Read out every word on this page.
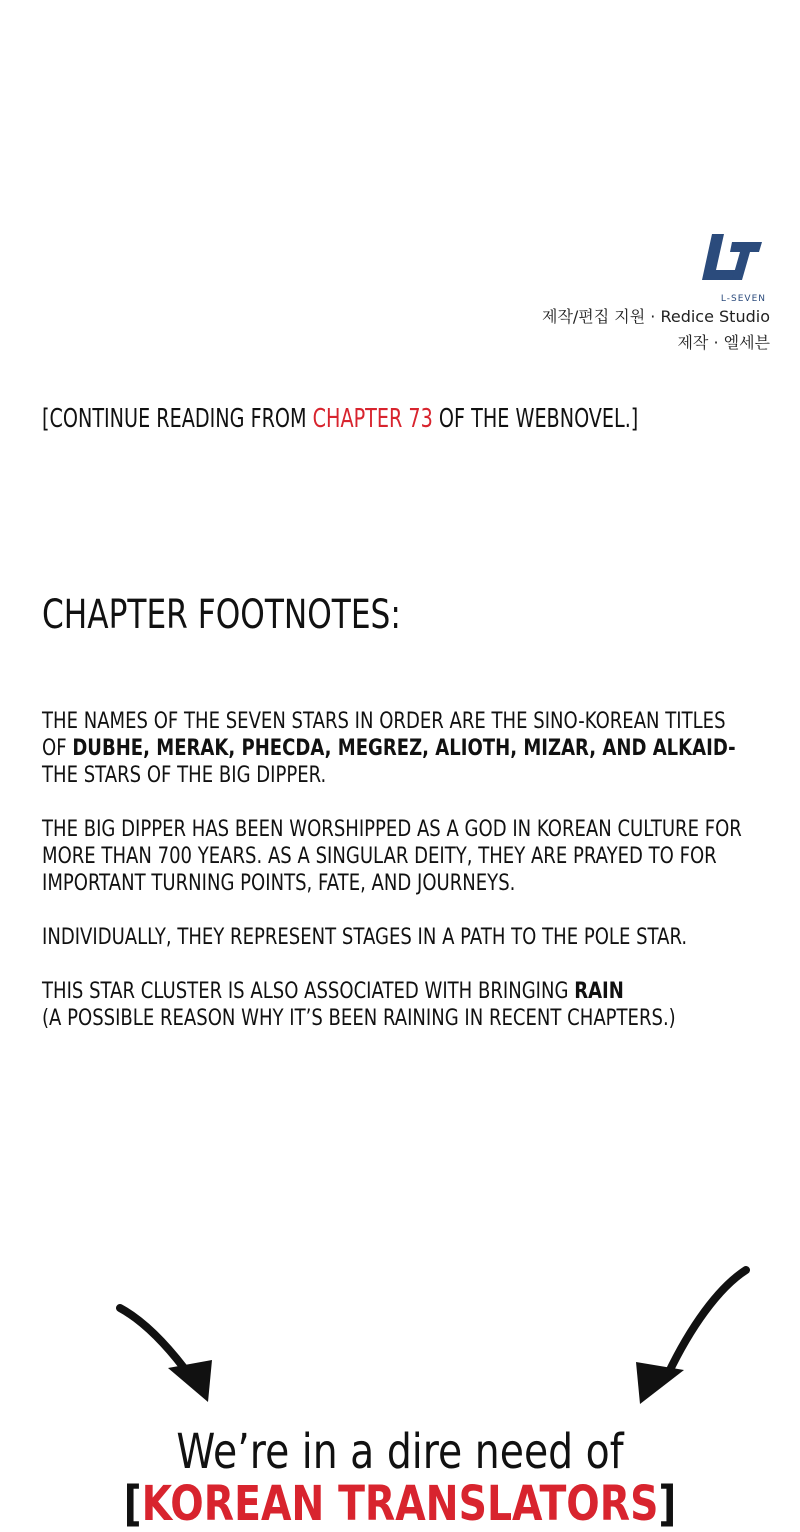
L-SEVEN
제작/편집 지원 · Redice Studio
제작 · 엘세븐
[CONTINUE READING FROM CHAPTER 73 OF THE WEBNOVEL.]
CHAPTER FOOTNOTES:

THE NAMES OF THE SEVEN STARS IN ORDER ARE THE SINO-KOREAN TITLES OF DUBHE, MERAK, PHECDA, MEGREZ, ALIOTH, MIZAR, AND ALKAID- THE STARS OF THE BIG DIPPER.

THE BIG DIPPER HAS BEEN WORSHIPPED AS A GOD IN KOREAN CULTURE FOR MORE THAN 700 YEARS. AS A SINGULAR DEITY, THEY ARE PRAYED TO FOR IMPORTANT TURNING POINTS, FATE, AND JOURNEYS.

INDIVIDUALLY, THEY REPRESENT STAGES IN A PATH TO THE POLE STAR.

THIS STAR CLUSTER IS ALSO ASSOCIATED WITH BRINGING RAIN
(A POSSIBLE REASON WHY IT’S BEEN RAINING IN RECENT CHAPTERS.)

We’re in a dire need of
[KOREAN TRANSLATORS]
